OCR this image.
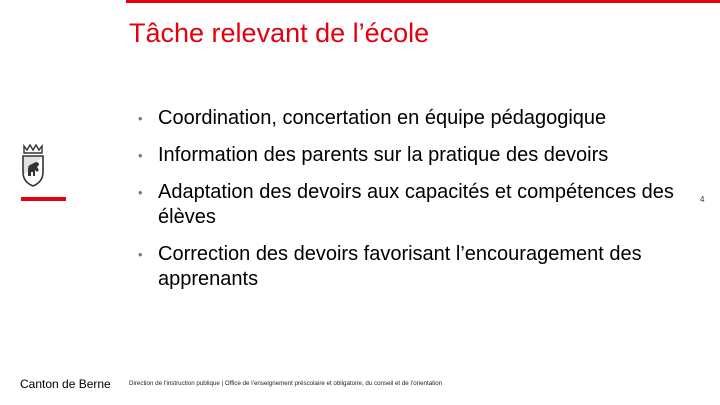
Tâche relevant de l’école
4
• Coordination, concertation en équipe pédagogique
• Information des parents sur la pratique des devoirs
• Adaptation des devoirs aux capacités et compétences des élèves
• Correction des devoirs favorisant l’encouragement des apprenants
Canton de Berne	Direction de l’instruction publique | Office de l’enseignement préscolaire et obligatoire, du conseil et de l’orientation
